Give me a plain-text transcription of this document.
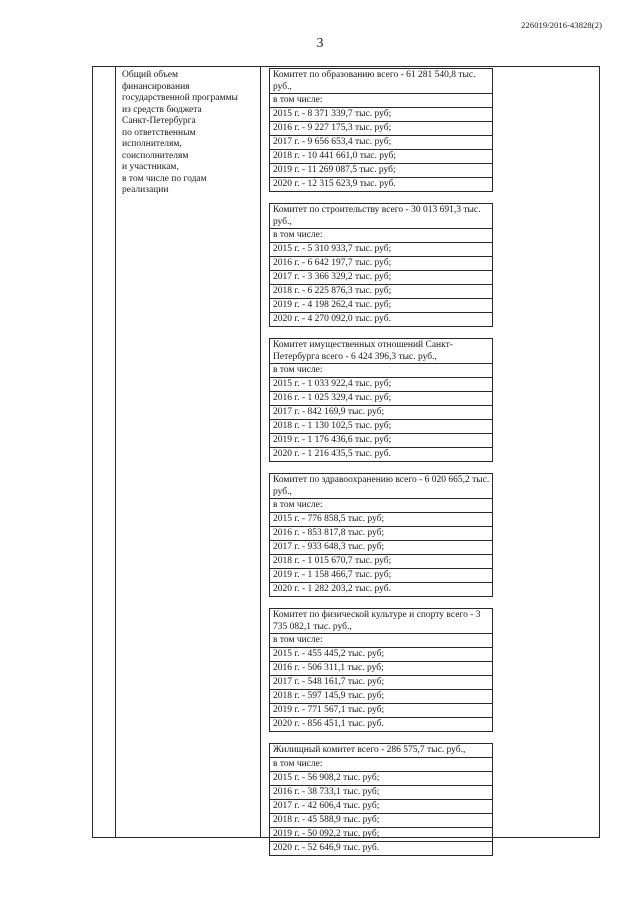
226019/2016-43828(2)
3
Общий объем
финансирования
государственной программы
из средств бюджета
Санкт-Петербурга
по ответственным
исполнителям,
соисполнителям
и участникам,
в том числе по годам
реализации
Комитет по образованию всего - 61 281 540,8 тыс. руб.,
в том числе:
2015 г. - 8 371 339,7 тыс. руб;
2016 г. - 9 227 175,3 тыс. руб;
2017 г. - 9 656 653,4 тыс. руб;
2018 г. - 10 441 661,0 тыс. руб;
2019 г. - 11 269 087,5 тыс. руб;
2020 г. - 12 315 623,9 тыс. руб.
Комитет по строительству всего - 30 013 691,3 тыс. руб.,
в том числе:
2015 г. - 5 310 933,7 тыс. руб;
2016 г. - 6 642 197,7 тыс. руб;
2017 г. - 3 366 329,2 тыс. руб;
2018 г. - 6 225 876,3 тыс. руб;
2019 г. - 4 198 262,4 тыс. руб;
2020 г. - 4 270 092,0 тыс. руб.
Комитет имущественных отношений Санкт-Петербурга всего - 6 424 396,3 тыс. руб.,
в том числе:
2015 г. - 1 033 922,4 тыс. руб;
2016 г. - 1 025 329,4 тыс. руб;
2017 г. - 842 169,9 тыс. руб;
2018 г. - 1 130 102,5 тыс. руб;
2019 г. - 1 176 436,6 тыс. руб;
2020 г. - 1 216 435,5 тыс. руб.
Комитет по здравоохранению всего - 6 020 665,2 тыс. руб.,
в том числе:
2015 г. - 776 858,5 тыс. руб;
2016 г. - 853 817,8 тыс. руб;
2017 г. - 933 648,3 тыс. руб;
2018 г. - 1 015 670,7 тыс. руб;
2019 г. - 1 158 466,7 тыс. руб;
2020 г. - 1 282 203,2 тыс. руб.
Комитет по физической культуре и спорту всего - 3 735 082,1 тыс. руб.,
в том числе:
2015 г. - 455 445,2 тыс. руб;
2016 г. - 506 311,1 тыс. руб;
2017 г. - 548 161,7 тыс. руб;
2018 г. - 597 145,9 тыс. руб;
2019 г. - 771 567,1 тыс. руб;
2020 г. - 856 451,1 тыс. руб.
Жилищный комитет всего - 286 575,7 тыс. руб.,
в том числе:
2015 г. - 56 908,2 тыс. руб;
2016 г. - 38 733,1 тыс. руб;
2017 г. - 42 606,4 тыс. руб;
2018 г. - 45 588,9 тыс. руб;
2019 г. - 50 092,2 тыс. руб;
2020 г. - 52 646,9 тыс. руб.
